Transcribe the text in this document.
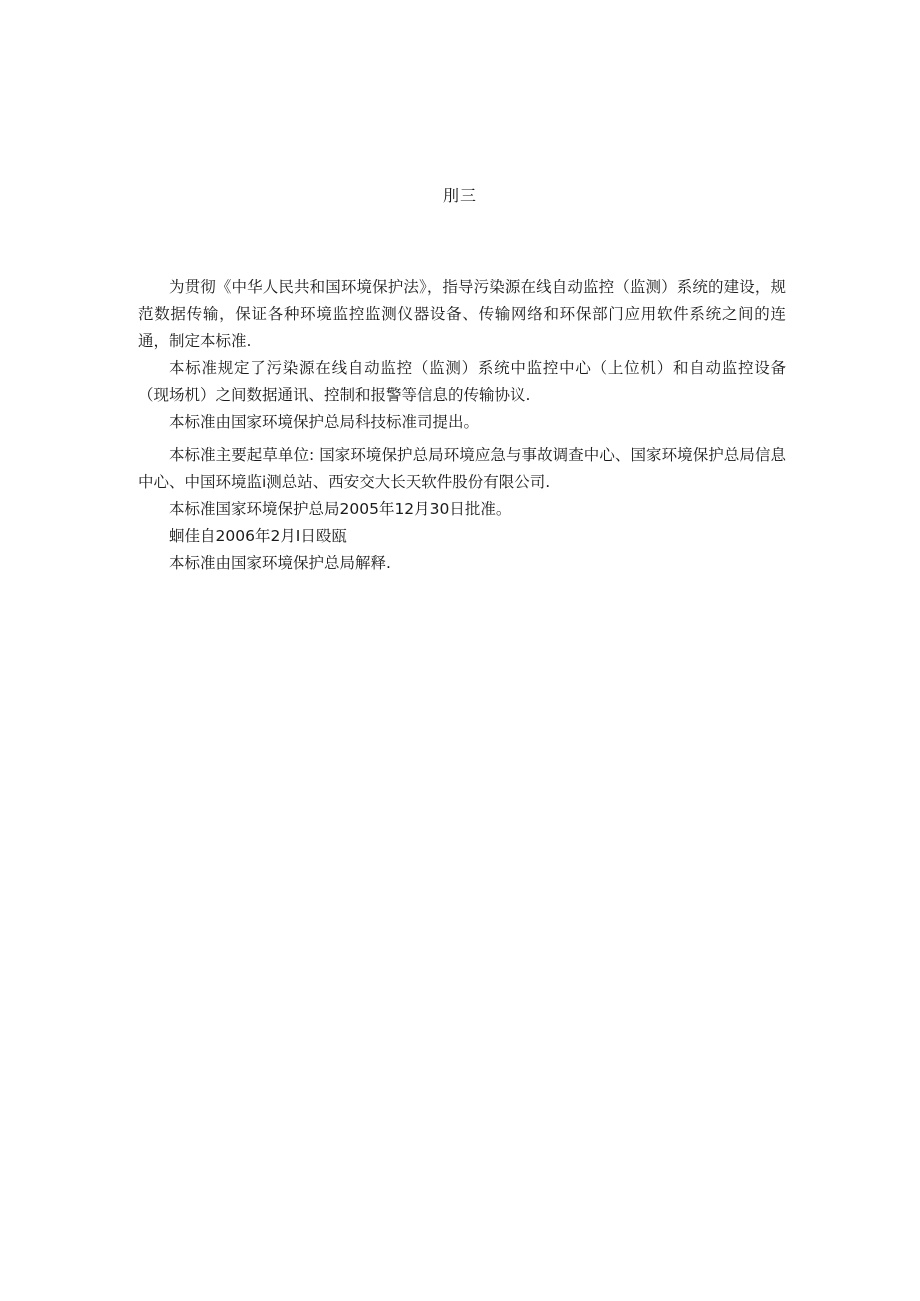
刖三

为贯彻《中华人民共和国环境保护法》，指导污染源在线自动监控（监测）系统的建设，规范数据传输，保证各种环境监控监测仪器设备、传输网络和环保部门应用软件系统之间的连通，制定本标准.

本标准规定了污染源在线自动监控（监测）系统中监控中心（上位机）和自动监控设备（现场机）之间数据通讯、控制和报警等信息的传输协议.

本标准由国家环境保护总局科技标准司提出。

本标准主要起草单位: 国家环境保护总局环境应急与事故调查中心、国家环境保护总局信息中心、中国环境监i测总站、西安交大长天软件股份有限公司.

本标准国家环境保护总局2005年12月30日批准。

蛔佳自2006年2月I日殴瓯

本标准由国家环境保护总局解释.
